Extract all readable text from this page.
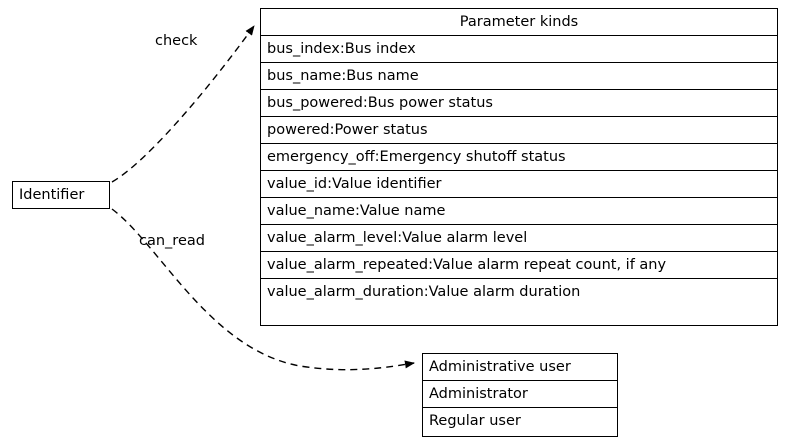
check
can_read
Identifier
Parameter kinds
bus_index:Bus index
bus_name:Bus name
bus_powered:Bus power status
powered:Power status
emergency_off:Emergency shutoff status
value_id:Value identifier
value_name:Value name
value_alarm_level:Value alarm level
value_alarm_repeated:Value alarm repeat count, if any
value_alarm_duration:Value alarm duration
Administrative user
Administrator
Regular user
